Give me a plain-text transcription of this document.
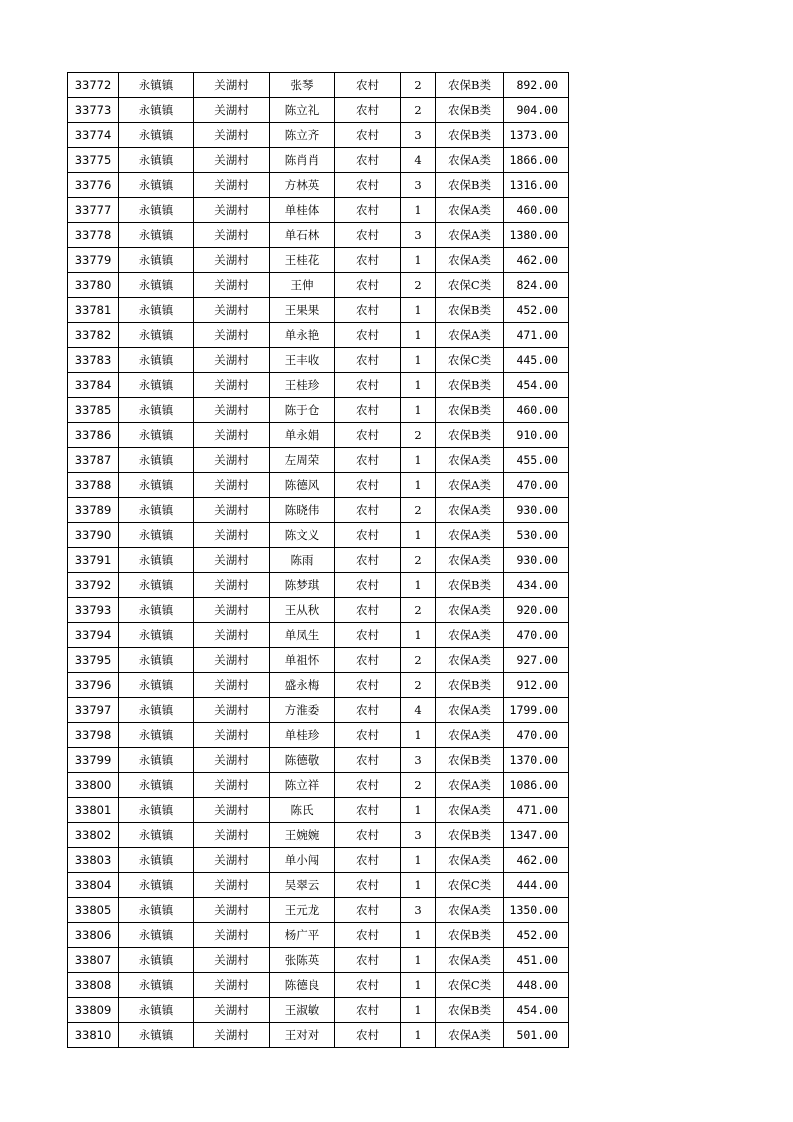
33772	永镇镇	关湖村	张琴	农村	2	农保B类	892.00
33773	永镇镇	关湖村	陈立礼	农村	2	农保B类	904.00
33774	永镇镇	关湖村	陈立齐	农村	3	农保B类	1373.00
33775	永镇镇	关湖村	陈肖肖	农村	4	农保A类	1866.00
33776	永镇镇	关湖村	方林英	农村	3	农保B类	1316.00
33777	永镇镇	关湖村	单桂体	农村	1	农保A类	460.00
33778	永镇镇	关湖村	单石林	农村	3	农保A类	1380.00
33779	永镇镇	关湖村	王桂花	农村	1	农保A类	462.00
33780	永镇镇	关湖村	王伸	农村	2	农保C类	824.00
33781	永镇镇	关湖村	王果果	农村	1	农保B类	452.00
33782	永镇镇	关湖村	单永艳	农村	1	农保A类	471.00
33783	永镇镇	关湖村	王丰收	农村	1	农保C类	445.00
33784	永镇镇	关湖村	王桂珍	农村	1	农保B类	454.00
33785	永镇镇	关湖村	陈于仓	农村	1	农保B类	460.00
33786	永镇镇	关湖村	单永娟	农村	2	农保B类	910.00
33787	永镇镇	关湖村	左周荣	农村	1	农保A类	455.00
33788	永镇镇	关湖村	陈德风	农村	1	农保A类	470.00
33789	永镇镇	关湖村	陈晓伟	农村	2	农保A类	930.00
33790	永镇镇	关湖村	陈文义	农村	1	农保A类	530.00
33791	永镇镇	关湖村	陈雨	农村	2	农保A类	930.00
33792	永镇镇	关湖村	陈梦琪	农村	1	农保B类	434.00
33793	永镇镇	关湖村	王从秋	农村	2	农保A类	920.00
33794	永镇镇	关湖村	单凤生	农村	1	农保A类	470.00
33795	永镇镇	关湖村	单祖怀	农村	2	农保A类	927.00
33796	永镇镇	关湖村	盛永梅	农村	2	农保B类	912.00
33797	永镇镇	关湖村	方淮委	农村	4	农保A类	1799.00
33798	永镇镇	关湖村	单桂珍	农村	1	农保A类	470.00
33799	永镇镇	关湖村	陈德敬	农村	3	农保B类	1370.00
33800	永镇镇	关湖村	陈立祥	农村	2	农保A类	1086.00
33801	永镇镇	关湖村	陈氏	农村	1	农保A类	471.00
33802	永镇镇	关湖村	王婉婉	农村	3	农保B类	1347.00
33803	永镇镇	关湖村	单小闯	农村	1	农保A类	462.00
33804	永镇镇	关湖村	吴翠云	农村	1	农保C类	444.00
33805	永镇镇	关湖村	王元龙	农村	3	农保A类	1350.00
33806	永镇镇	关湖村	杨广平	农村	1	农保B类	452.00
33807	永镇镇	关湖村	张陈英	农村	1	农保A类	451.00
33808	永镇镇	关湖村	陈德良	农村	1	农保C类	448.00
33809	永镇镇	关湖村	王淑敏	农村	1	农保B类	454.00
33810	永镇镇	关湖村	王对对	农村	1	农保A类	501.00
